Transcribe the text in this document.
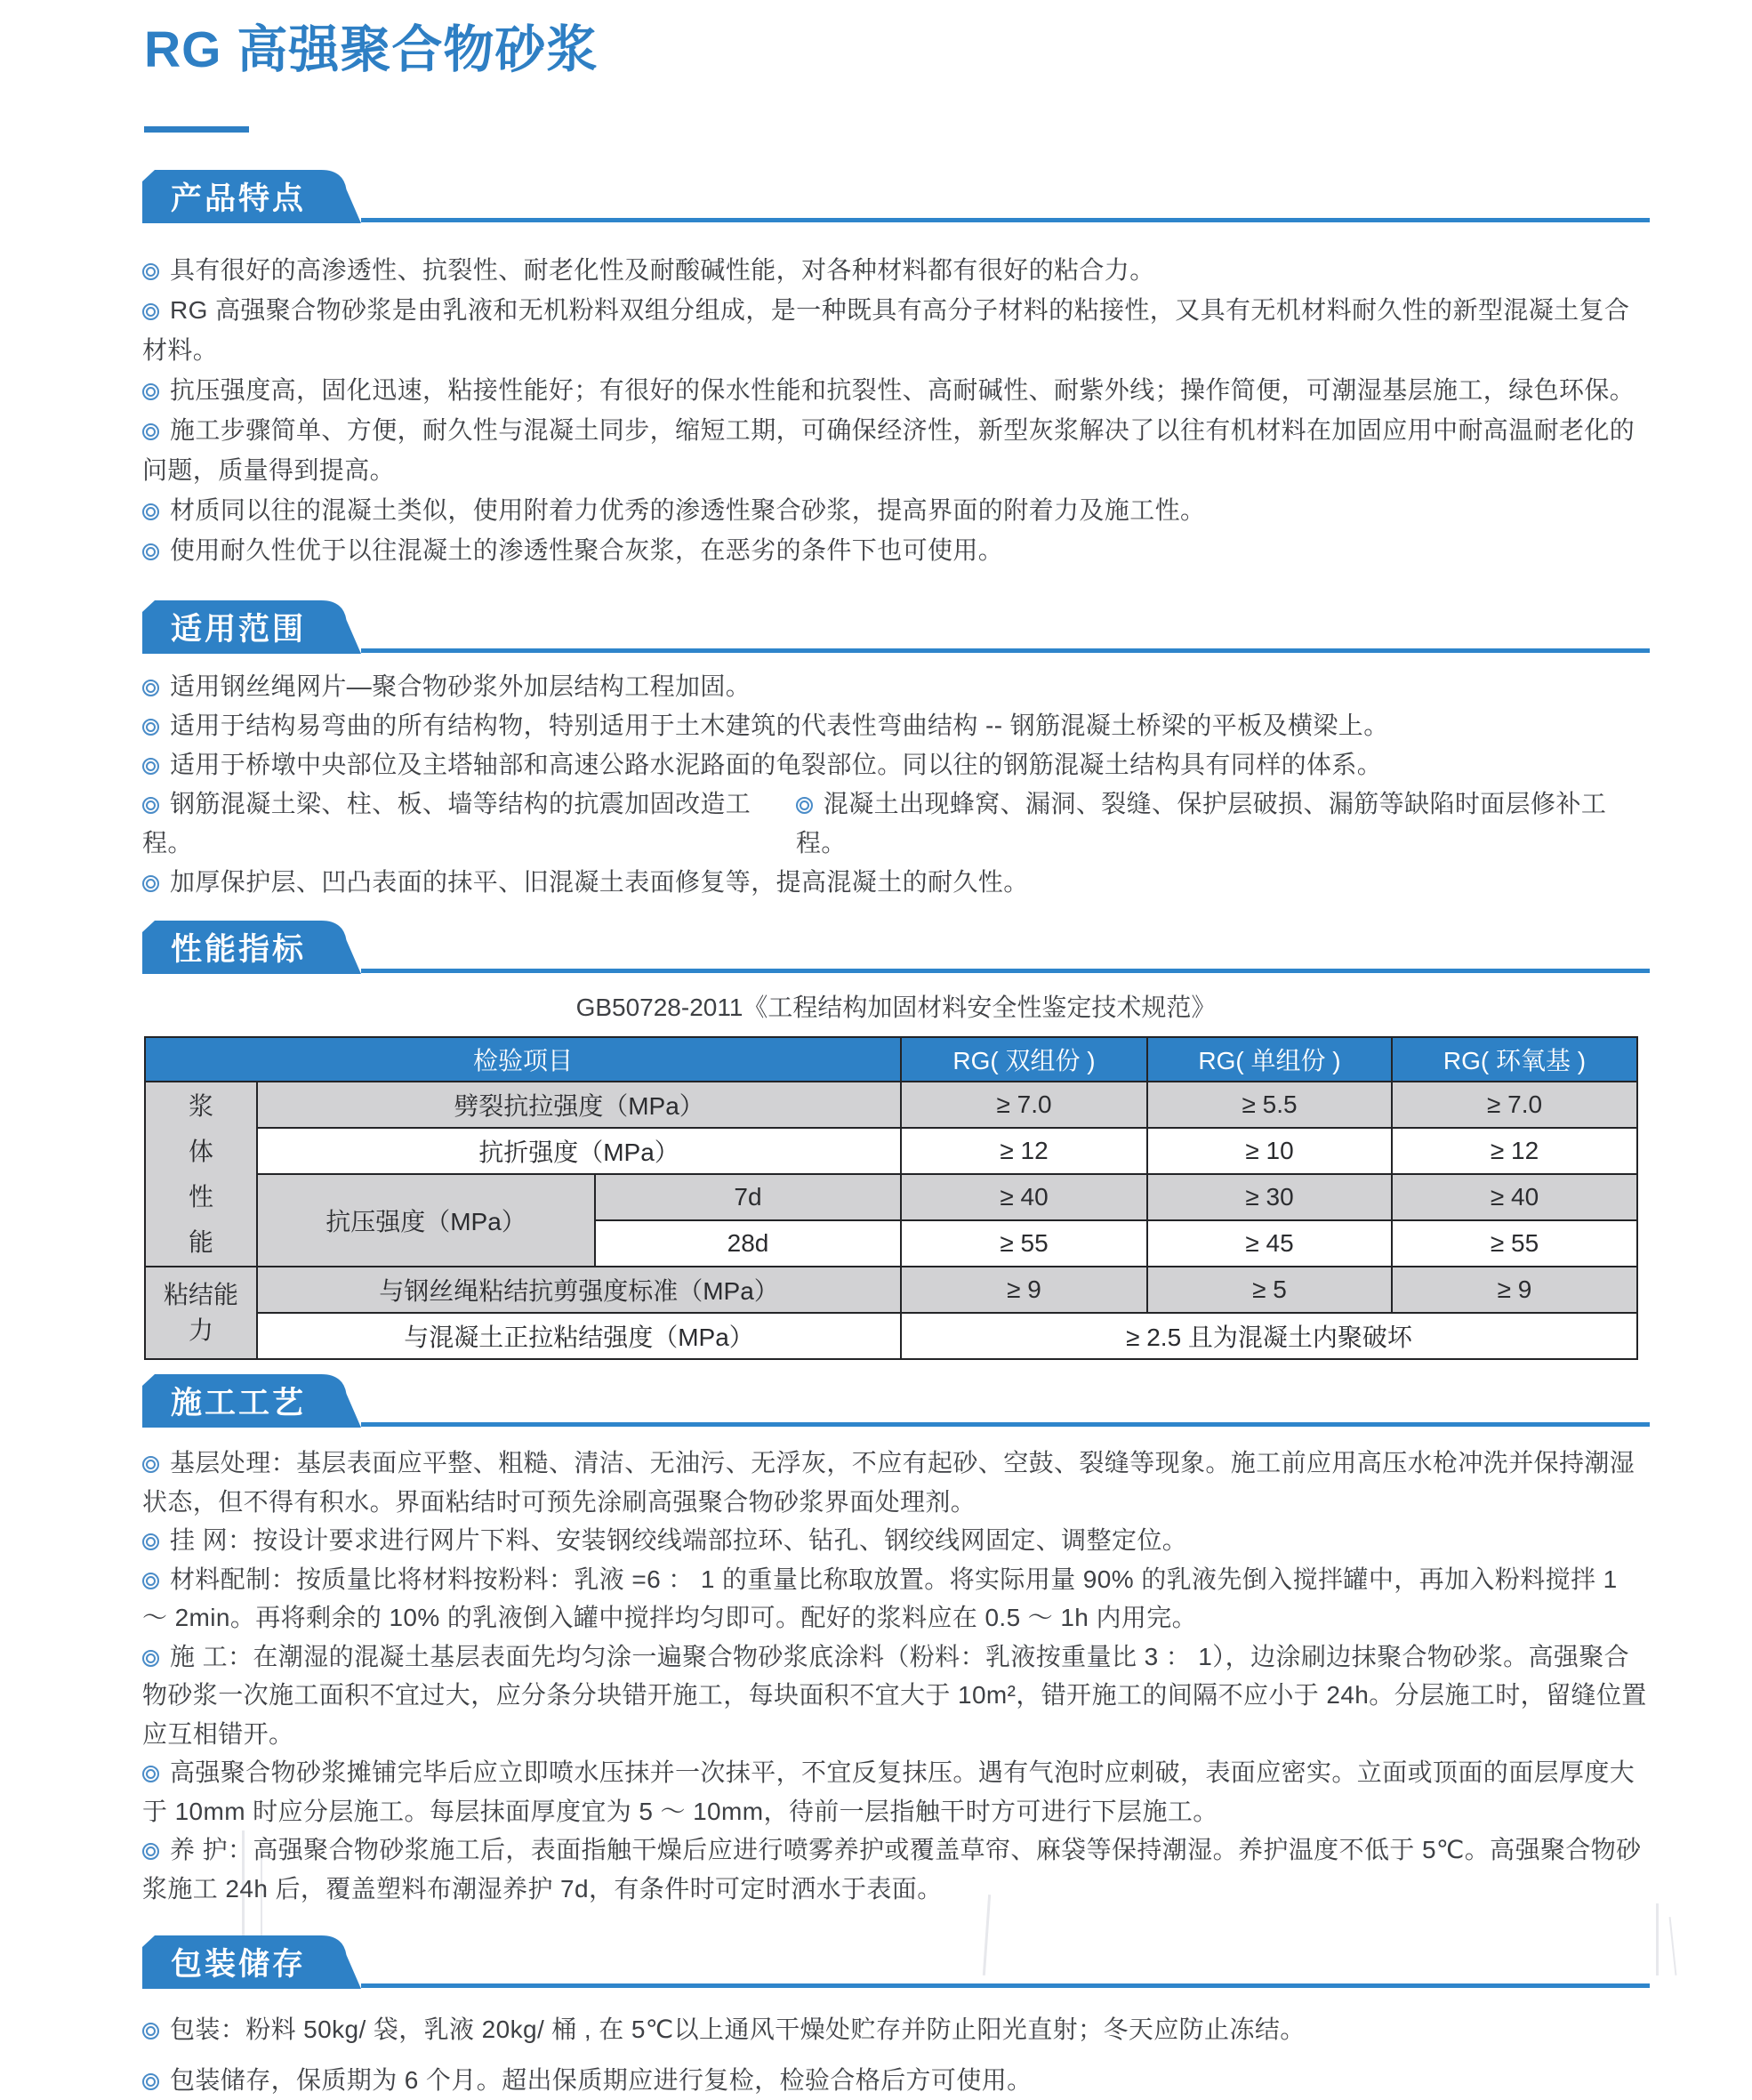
RG 高强聚合物砂浆
产品特点

具有很好的高渗透性、抗裂性、耐老化性及耐酸碱性能，对各种材料都有很好的粘合力。

RG 高强聚合物砂浆是由乳液和无机粉料双组分组成，是一种既具有高分子材料的粘接性，又具有无机材料耐久性的新型混凝土复合材料。

抗压强度高，固化迅速，粘接性能好；有很好的保水性能和抗裂性、高耐碱性、耐紫外线；操作简便，可潮湿基层施工，绿色环保。

施工步骤简单、方便，耐久性与混凝土同步，缩短工期，可确保经济性，新型灰浆解决了以往有机材料在加固应用中耐高温耐老化的问题，质量得到提高。

材质同以往的混凝土类似，使用附着力优秀的渗透性聚合砂浆，提高界面的附着力及施工性。

使用耐久性优于以往混凝土的渗透性聚合灰浆，在恶劣的条件下也可使用。

适用范围

适用钢丝绳网片—聚合物砂浆外加层结构工程加固。

适用于结构易弯曲的所有结构物，特别适用于土木建筑的代表性弯曲结构 -- 钢筋混凝土桥梁的平板及横梁上。

适用于桥墩中央部位及主塔轴部和高速公路水泥路面的龟裂部位。同以往的钢筋混凝土结构具有同样的体系。

钢筋混凝土梁、柱、板、墙等结构的抗震加固改造工程。
混凝土出现蜂窝、漏洞、裂缝、保护层破损、漏筋等缺陷时面层修补工程。

加厚保护层、凹凸表面的抹平、旧混凝土表面修复等，提高混凝土的耐久性。

性能指标
GB50728-2011《工程结构加固材料安全性鉴定技术规范》
检验项目			RG( 双组份 )	RG( 单组份 )	RG( 环氧基 )

浆体性能	劈裂抗拉强度（MPa）		≥ 7.0	≥ 5.5	≥ 7.0
	抗折强度（MPa）		≥ 12	≥ 10	≥ 12
	抗压强度（MPa）	7d	≥ 40	≥ 30	≥ 40
		28d	≥ 55	≥ 45	≥ 55

粘结能力	与钢丝绳粘结抗剪强度标准（MPa）		≥ 9	≥ 5	≥ 9
	与混凝土正拉粘结强度（MPa）		≥ 2.5 且为混凝土内聚破坏		
施工工艺

基层处理：基层表面应平整、粗糙、清洁、无油污、无浮灰，不应有起砂、空鼓、裂缝等现象。施工前应用高压水枪冲洗并保持潮湿状态，但不得有积水。界面粘结时可预先涂刷高强聚合物砂浆界面处理剂。

挂 网：按设计要求进行网片下料、安装钢绞线端部拉环、钻孔、钢绞线网固定、调整定位。

材料配制：按质量比将材料按粉料：乳液 =6 ： 1 的重量比称取放置。将实际用量 90% 的乳液先倒入搅拌罐中，再加入粉料搅拌 1 ～ 2min。再将剩余的 10% 的乳液倒入罐中搅拌均匀即可。配好的浆料应在 0.5 ～ 1h 内用完。

施 工：在潮湿的混凝土基层表面先均匀涂一遍聚合物砂浆底涂料（粉料：乳液按重量比 3 ： 1），边涂刷边抹聚合物砂浆。高强聚合物砂浆一次施工面积不宜过大，应分条分块错开施工，每块面积不宜大于 10m²，错开施工的间隔不应小于 24h。分层施工时，留缝位置应互相错开。

高强聚合物砂浆摊铺完毕后应立即喷水压抹并一次抹平，不宜反复抹压。遇有气泡时应刺破，表面应密实。立面或顶面的面层厚度大于 10mm 时应分层施工。每层抹面厚度宜为 5 ～ 10mm，待前一层指触干时方可进行下层施工。

养 护：高强聚合物砂浆施工后，表面指触干燥后应进行喷雾养护或覆盖草帘、麻袋等保持潮湿。养护温度不低于 5℃。高强聚合物砂浆施工 24h 后，覆盖塑料布潮湿养护 7d，有条件时可定时洒水于表面。

包装储存

包装：粉料 50kg/ 袋，乳液 20kg/ 桶 , 在 5℃以上通风干燥处贮存并防止阳光直射；冬天应防止冻结。

包装储存，保质期为 6 个月。超出保质期应进行复检，检验合格后方可使用。
